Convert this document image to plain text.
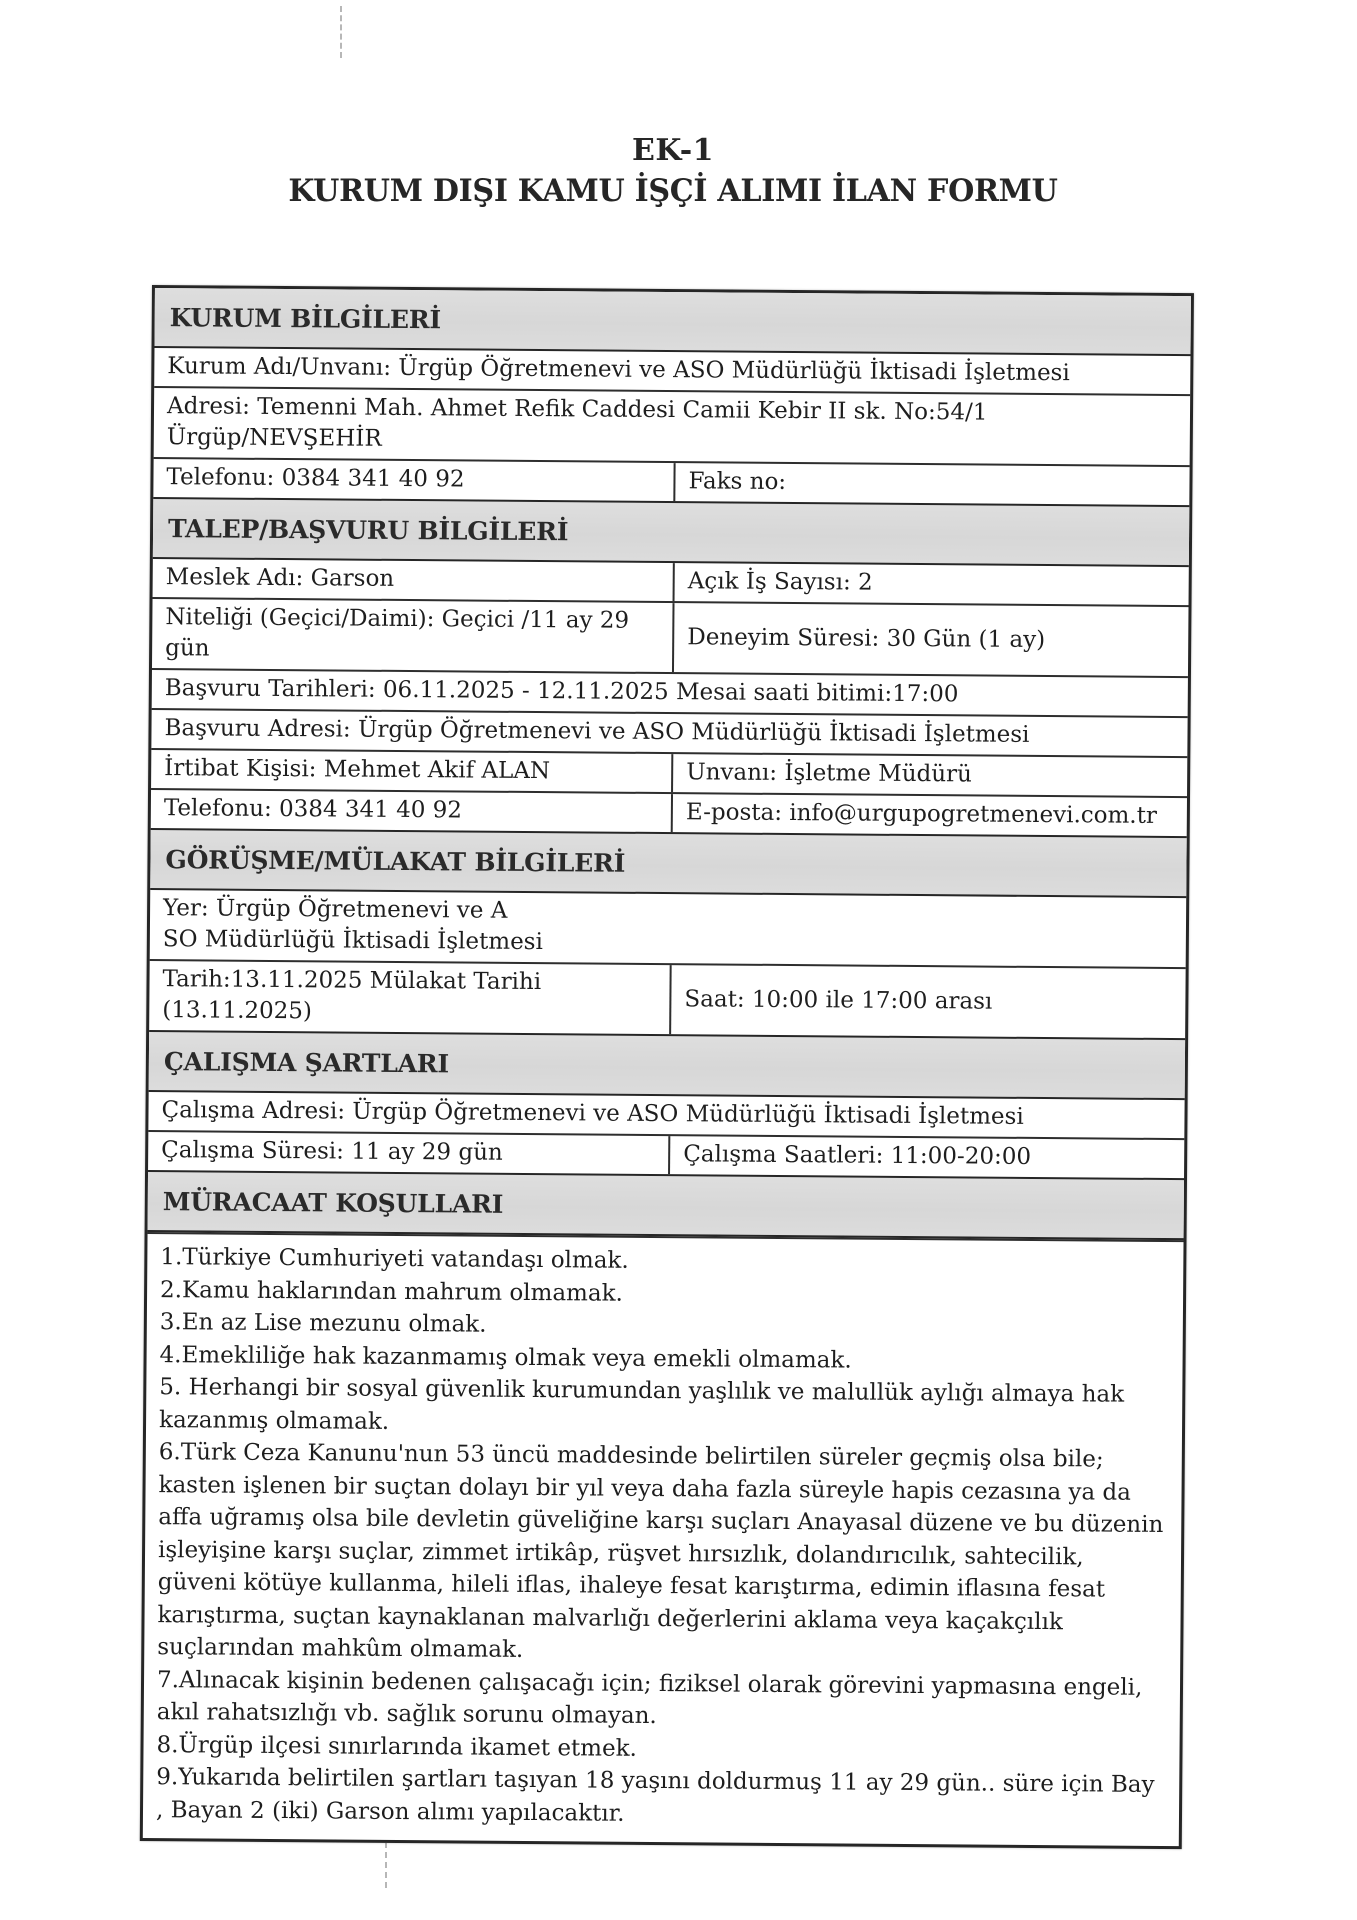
EK-1
KURUM DIŞI KAMU İŞÇİ ALIMI İLAN FORMU
KURUM BİLGİLERİ
Kurum Adı/Unvanı: Ürgüp Öğretmenevi ve ASO Müdürlüğü İktisadi İşletmesi
Adresi: Temenni Mah. Ahmet Refik Caddesi Camii Kebir II sk. No:54/1
Ürgüp/NEVŞEHİR
Telefonu: 0384 341 40 92	Faks no:
TALEP/BAŞVURU BİLGİLERİ
Meslek Adı: Garson	Açık İş Sayısı: 2
Niteliği (Geçici/Daimi): Geçici /11 ay 29
gün	Deneyim Süresi: 30 Gün (1 ay)
Başvuru Tarihleri: 06.11.2025 - 12.11.2025 Mesai saati bitimi:17:00
Başvuru Adresi: Ürgüp Öğretmenevi ve ASO Müdürlüğü İktisadi İşletmesi
İrtibat Kişisi: Mehmet Akif ALAN	Unvanı: İşletme Müdürü
Telefonu: 0384 341 40 92	E-posta: info@urgupogretmenevi.com.tr
GÖRÜŞME/MÜLAKAT BİLGİLERİ
Yer: Ürgüp Öğretmenevi ve A
SO Müdürlüğü İktisadi İşletmesi
Tarih:13.11.2025 Mülakat Tarihi
(13.11.2025)	Saat: 10:00 ile 17:00 arası
ÇALIŞMA ŞARTLARI
Çalışma Adresi: Ürgüp Öğretmenevi ve ASO Müdürlüğü İktisadi İşletmesi
Çalışma Süresi: 11 ay 29 gün	Çalışma Saatleri: 11:00-20:00
MÜRACAAT KOŞULLARI
1.Türkiye Cumhuriyeti vatandaşı olmak.
2.Kamu haklarından mahrum olmamak.
3.En az Lise mezunu olmak.
4.Emekliliğe hak kazanmamış olmak veya emekli olmamak.
5. Herhangi bir sosyal güvenlik kurumundan yaşlılık ve malullük aylığı almaya hak kazanmış olmamak.
6.Türk Ceza Kanunu'nun 53 üncü maddesinde belirtilen süreler geçmiş olsa bile; kasten işlenen bir suçtan dolayı bir yıl veya daha fazla süreyle hapis cezasına ya da affa uğramış olsa bile devletin güveliğine karşı suçları Anayasal düzene ve bu düzenin işleyişine karşı suçlar, zimmet irtikâp, rüşvet hırsızlık, dolandırıcılık, sahtecilik, güveni kötüye kullanma, hileli iflas, ihaleye fesat karıştırma, edimin iflasına fesat karıştırma, suçtan kaynaklanan malvarlığı değerlerini aklama veya kaçakçılık suçlarından mahkûm olmamak.
7.Alınacak kişinin bedenen çalışacağı için; fiziksel olarak görevini yapmasına engeli, akıl rahatsızlığı vb. sağlık sorunu olmayan.
8.Ürgüp ilçesi sınırlarında ikamet etmek.
9.Yukarıda belirtilen şartları taşıyan 18 yaşını doldurmuş 11 ay 29 gün.. süre için Bay
, Bayan 2 (iki) Garson alımı yapılacaktır.
